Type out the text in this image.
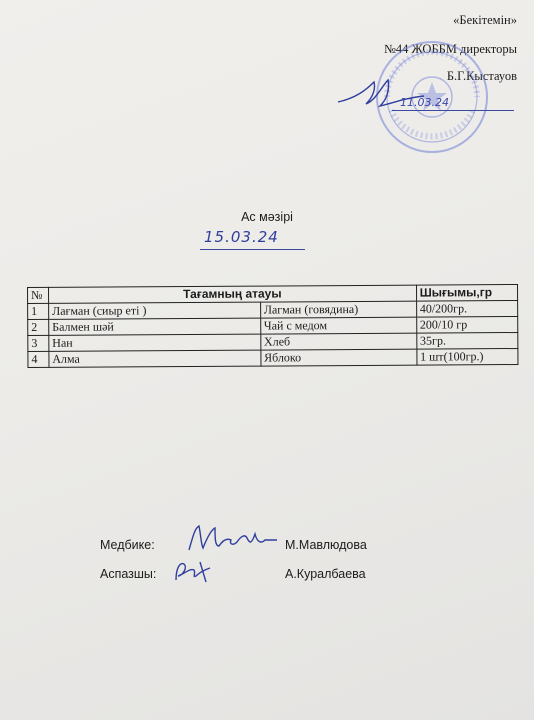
«Бекітемін»
№44 ЖОББМ директоры
Б.Г.Кыстауов
11.03.24
Ас мәзірі
15.03.24
№	Тағамның атауы		Шығымы,гр
1	Лағман (сиыр еті )	Лагман (говядина)	40/200гр.
2	Балмен шәй	Чай с медом	200/10 гр
3	Нан	Хлеб	35гр.
4	Алма	Яблоко	1 шт(100гр.)
Медбике:	М.Мавлюдова
Аспазшы:	А.Куралбаева
